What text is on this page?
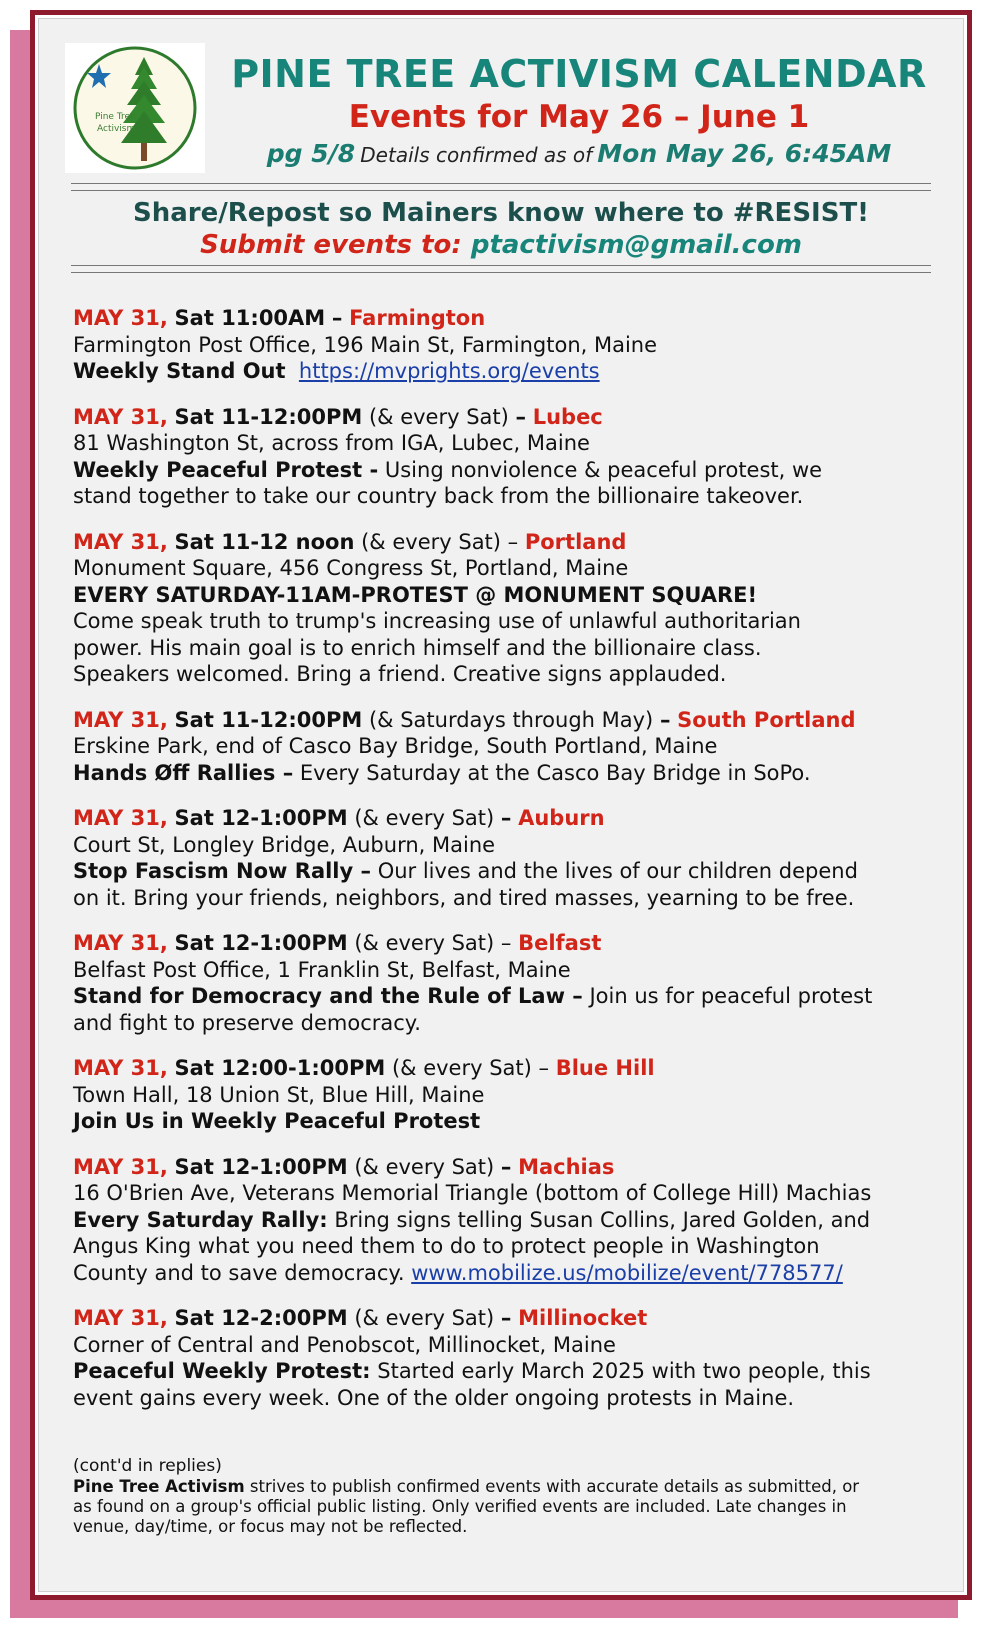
Pine Tree
Activism
PINE TREE ACTIVISM CALENDAR
Events for May 26 – June 1
pg 5/8 Details confirmed as of Mon May 26, 6:45AM
Share/Repost so Mainers know where to #RESIST!
Submit events to: ptactivism@gmail.com
MAY 31, Sat 11:00AM – Farmington
Farmington Post Office, 196 Main St, Farmington, Maine
Weekly Stand Out https://mvprights.org/events
MAY 31, Sat 11-12:00PM (& every Sat) – Lubec
81 Washington St, across from IGA, Lubec, Maine
Weekly Peaceful Protest - Using nonviolence & peaceful protest, we
stand together to take our country back from the billionaire takeover.
MAY 31, Sat 11-12 noon (& every Sat) – Portland
Monument Square, 456 Congress St, Portland, Maine
EVERY SATURDAY-11AM-PROTEST @ MONUMENT SQUARE!
Come speak truth to trump's increasing use of unlawful authoritarian
power. His main goal is to enrich himself and the billionaire class.
Speakers welcomed. Bring a friend. Creative signs applauded.
MAY 31, Sat 11-12:00PM (& Saturdays through May) – South Portland
Erskine Park, end of Casco Bay Bridge, South Portland, Maine
Hands Øff Rallies – Every Saturday at the Casco Bay Bridge in SoPo.
MAY 31, Sat 12-1:00PM (& every Sat) – Auburn
Court St, Longley Bridge, Auburn, Maine
Stop Fascism Now Rally – Our lives and the lives of our children depend
on it. Bring your friends, neighbors, and tired masses, yearning to be free.
MAY 31, Sat 12-1:00PM (& every Sat) – Belfast
Belfast Post Office, 1 Franklin St, Belfast, Maine
Stand for Democracy and the Rule of Law – Join us for peaceful protest
and fight to preserve democracy.
MAY 31, Sat 12:00-1:00PM (& every Sat) – Blue Hill
Town Hall, 18 Union St, Blue Hill, Maine
Join Us in Weekly Peaceful Protest
MAY 31, Sat 12-1:00PM (& every Sat) – Machias
16 O'Brien Ave, Veterans Memorial Triangle (bottom of College Hill) Machias
Every Saturday Rally: Bring signs telling Susan Collins, Jared Golden, and
Angus King what you need them to do to protect people in Washington
County and to save democracy. www.mobilize.us/mobilize/event/778577/
MAY 31, Sat 12-2:00PM (& every Sat) – Millinocket
Corner of Central and Penobscot, Millinocket, Maine
Peaceful Weekly Protest: Started early March 2025 with two people, this
event gains every week. One of the older ongoing protests in Maine.
(cont'd in replies)
Pine Tree Activism strives to publish confirmed events with accurate details as submitted, or
as found on a group's official public listing. Only verified events are included. Late changes in
venue, day/time, or focus may not be reflected.
